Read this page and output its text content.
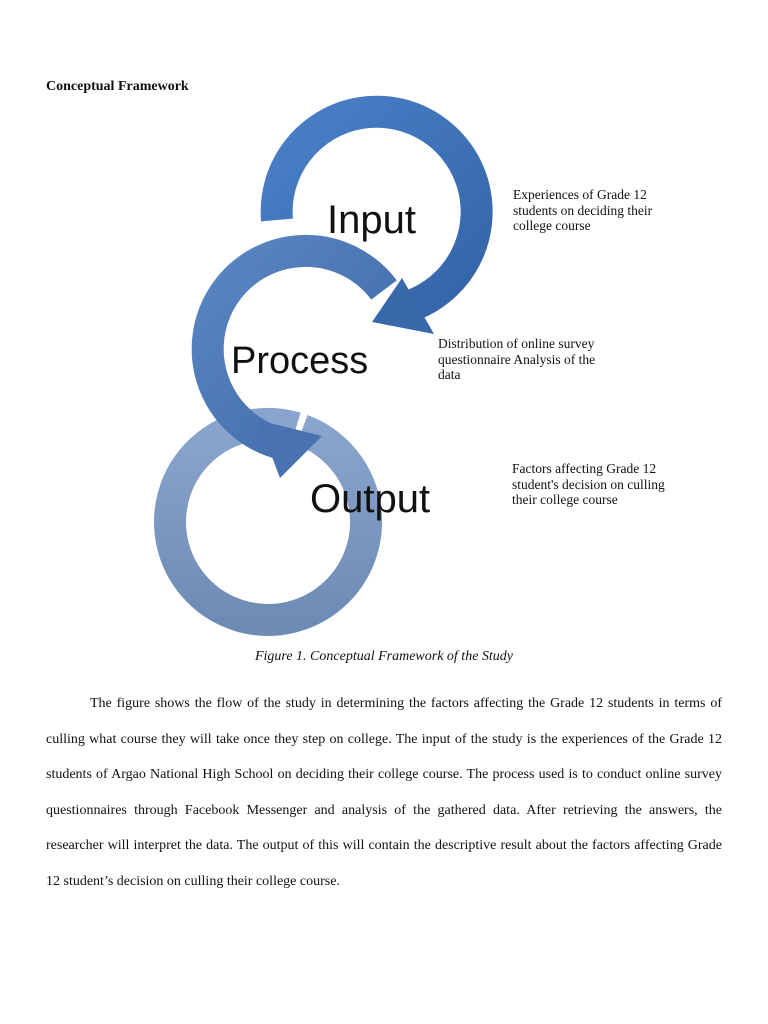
Conceptual Framework
Input
Process
Output
Experiences of Grade 12 students on deciding their college course
Distribution of online survey questionnaire Analysis of the data
Factors affecting Grade 12 student's decision on culling their college course
Figure 1. Conceptual Framework of the Study

The figure shows the flow of the study in determining the factors affecting the Grade 12 students in terms of culling what course they will take once they step on college. The input of the study is the experiences of the Grade 12 students of Argao National High School on deciding their college course. The process used is to conduct online survey questionnaires through Facebook Messenger and analysis of the gathered data. After retrieving the answers, the researcher will interpret the data. The output of this will contain the descriptive result about the factors affecting Grade 12 student’s decision on culling their college course.
